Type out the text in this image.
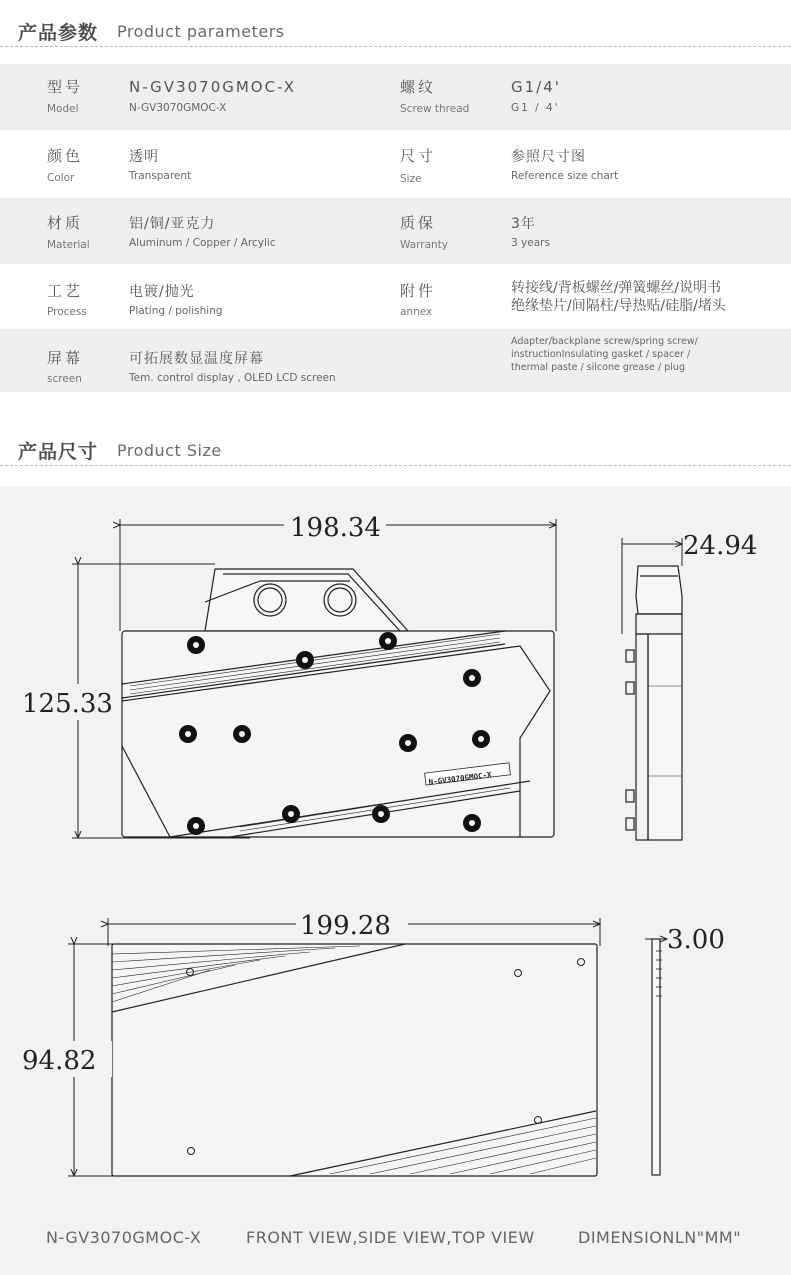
产品参数 Product parameters
型号
Model
N-GV3070GMOC-X
N-GV3070GMOC-X
螺纹
Screw thread
G1/4'
G1 / 4'
颜色
Color
透明
Transparent
尺寸
Size
参照尺寸图
Reference size chart
材质
Material
铝/铜/亚克力
Aluminum / Copper / Arcylic
质保
Warranty
3年
3 years
工艺
Process
电镀/抛光
Plating / polishing
附件
annex
转接线/背板螺丝/弹簧螺丝/说明书
绝缘垫片/间隔柱/导热贴/硅脂/堵头
屏幕
screen
可拓展数显温度屏幕
Tem. control display , OLED LCD screen
Adapter/backplane screw/spring screw/
instructionInsulating gasket / spacer /
thermal paste / silcone grease / plug
产品尺寸 Product Size
198.34
125.33
24.94
N-GV3070GMOC-X
199.28
94.82
3.00
N-GV3070GMOC-X	FRONT VIEW,SIDE VIEW,TOP VIEW	DIMENSIONLN"MM"
